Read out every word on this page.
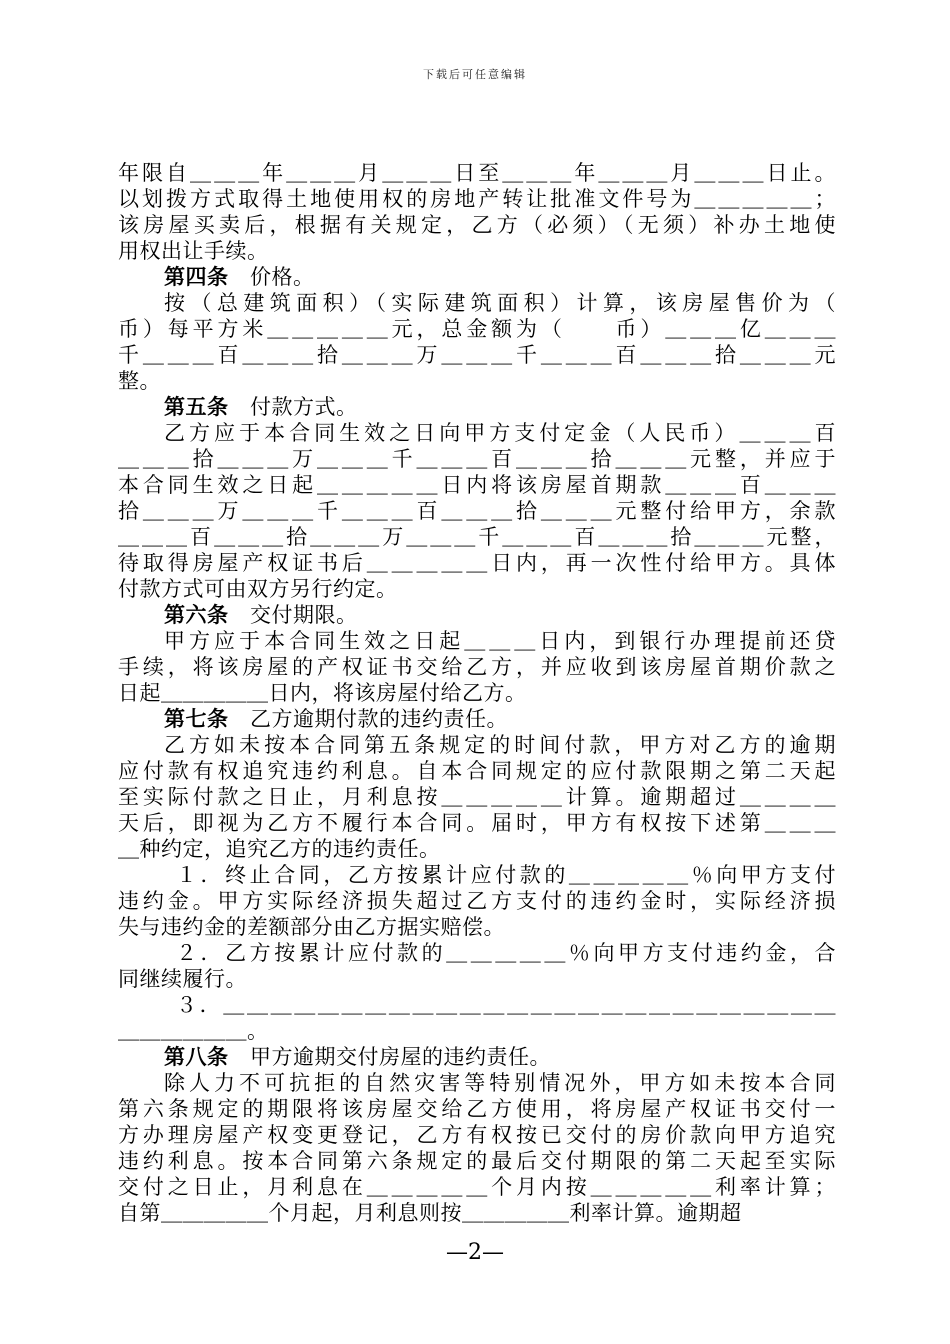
下载后可任意编辑
年限自＿＿＿年＿＿＿月＿＿＿日至＿＿＿年＿＿＿月＿＿＿日止。
以划拨方式取得土地使用权的房地产转让批准文件号为＿＿＿＿＿；
该房屋买卖后，根据有关规定，乙方（必须）（无须）补办土地使
用权出让手续。
第四条　价格。
按（总建筑面积）（实际建筑面积）计算，该房屋售价为（
币）每平方米＿＿＿＿＿元，总金额为（　　币）＿＿＿亿＿＿＿
千＿＿＿百＿＿＿拾＿＿＿万＿＿＿千＿＿＿百＿＿＿拾＿＿＿元
整。
第五条　付款方式。
乙方应于本合同生效之日向甲方支付定金（人民币）＿＿＿百
＿＿＿拾＿＿＿万＿＿＿千＿＿＿百＿＿＿拾＿＿＿元整，并应于
本合同生效之日起＿＿＿＿＿日内将该房屋首期款＿＿＿百＿＿＿
拾＿＿＿万＿＿＿千＿＿＿百＿＿＿拾＿＿＿元整付给甲方，余款
＿＿＿百＿＿＿拾＿＿＿万＿＿＿千＿＿＿百＿＿＿拾＿＿＿元整，
待取得房屋产权证书后＿＿＿＿＿日内，再一次性付给甲方。具体
付款方式可由双方另行约定。
第六条　交付期限。
甲方应于本合同生效之日起＿＿＿日内，到银行办理提前还贷
手续，将该房屋的产权证书交给乙方，并应收到该房屋首期价款之
日起＿＿＿＿＿日内，将该房屋付给乙方。
第七条　乙方逾期付款的违约责任。
乙方如未按本合同第五条规定的时间付款，甲方对乙方的逾期
应付款有权追究违约利息。自本合同规定的应付款限期之第二天起
至实际付款之日止，月利息按＿＿＿＿＿计算。逾期超过＿＿＿＿
天后，即视为乙方不履行本合同。届时，甲方有权按下述第＿＿＿
＿种约定，追究乙方的违约责任。
１．终止合同，乙方按累计应付款的＿＿＿＿＿％向甲方支付
违约金。甲方实际经济损失超过乙方支付的违约金时，实际经济损
失与违约金的差额部分由乙方据实赔偿。
２．乙方按累计应付款的＿＿＿＿＿％向甲方支付违约金，合
同继续履行。
３．＿＿＿＿＿＿＿＿＿＿＿＿＿＿＿＿＿＿＿＿＿＿＿＿＿＿
＿＿＿＿＿＿。
第八条　甲方逾期交付房屋的违约责任。
除人力不可抗拒的自然灾害等特别情况外，甲方如未按本合同
第六条规定的期限将该房屋交给乙方使用，将房屋产权证书交付一
方办理房屋产权变更登记，乙方有权按已交付的房价款向甲方追究
违约利息。按本合同第六条规定的最后交付期限的第二天起至实际
交付之日止，月利息在＿＿＿＿＿个月内按＿＿＿＿＿利率计算；
自第＿＿＿＿＿个月起，月利息则按＿＿＿＿＿利率计算。逾期超
—2—
